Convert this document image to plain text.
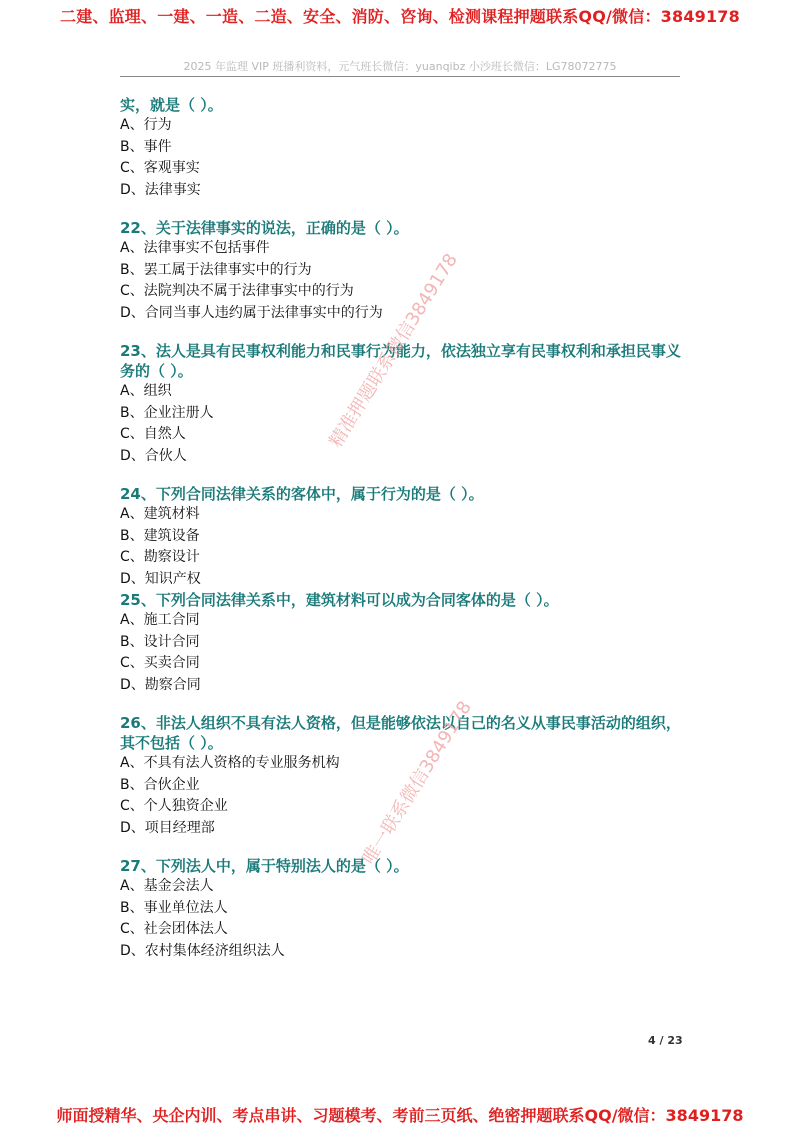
二建、监理、一建、一造、二造、安全、消防、咨询、检测课程押题联系QQ/微信：3849178
2025 年监理 VIP 班播利资料，元气班长微信：yuanqibz 小沙班长微信：LG78072775

实，就是（ ）。

A、行为

B、事件

C、客观事实

D、法律事实

22、关于法律事实的说法，正确的是（ ）。

A、法律事实不包括事件

B、罢工属于法律事实中的行为

C、法院判决不属于法律事实中的行为

D、合同当事人违约属于法律事实中的行为

23、法人是具有民事权利能力和民事行为能力，依法独立享有民事权利和承担民事义务的（ ）。

A、组织

B、企业注册人

C、自然人

D、合伙人

24、下列合同法律关系的客体中，属于行为的是（ ）。

A、建筑材料

B、建筑设备

C、勘察设计

D、知识产权

25、下列合同法律关系中，建筑材料可以成为合同客体的是（ ）。

A、施工合同

B、设计合同

C、买卖合同

D、勘察合同

26、非法人组织不具有法人资格，但是能够依法以自己的名义从事民事活动的组织，其不包括（ ）。

A、不具有法人资格的专业服务机构

B、合伙企业

C、个人独资企业

D、项目经理部

27、下列法人中，属于特别法人的是（ ）。

A、基金会法人

B、事业单位法人

C、社会团体法人

D、农村集体经济组织法人

精准押题联系微信3849178
唯一联系微信3849178
4 / 23
师面授精华、央企内训、考点串讲、习题模考、考前三页纸、绝密押题联系QQ/微信：3849178
